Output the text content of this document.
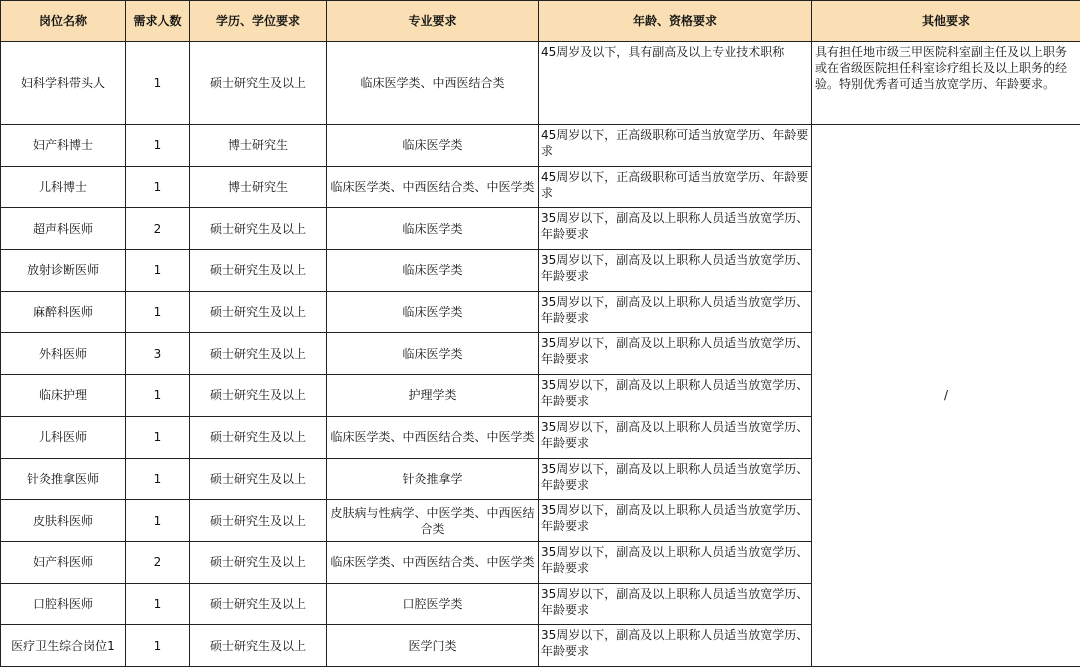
岗位名称	需求人数	学历、学位要求	专业要求	年龄、资格要求	其他要求
妇科学科带头人	1	硕士研究生及以上	临床医学类、中西医结合类	45周岁及以下，具有副高及以上专业技术职称	具有担任地市级三甲医院科室副主任及以上职务或在省级医院担任科室诊疗组长及以上职务的经验。特别优秀者可适当放宽学历、年龄要求。
妇产科博士	1	博士研究生	临床医学类	45周岁以下，正高级职称可适当放宽学历、年龄要求	/
儿科博士	1	博士研究生	临床医学类、中西医结合类、中医学类	45周岁以下，正高级职称可适当放宽学历、年龄要求	
超声科医师	2	硕士研究生及以上	临床医学类	35周岁以下，副高及以上职称人员适当放宽学历、年龄要求	
放射诊断医师	1	硕士研究生及以上	临床医学类	35周岁以下，副高及以上职称人员适当放宽学历、年龄要求	
麻醉科医师	1	硕士研究生及以上	临床医学类	35周岁以下，副高及以上职称人员适当放宽学历、年龄要求	
外科医师	3	硕士研究生及以上	临床医学类	35周岁以下，副高及以上职称人员适当放宽学历、年龄要求	
临床护理	1	硕士研究生及以上	护理学类	35周岁以下，副高及以上职称人员适当放宽学历、年龄要求	
儿科医师	1	硕士研究生及以上	临床医学类、中西医结合类、中医学类	35周岁以下，副高及以上职称人员适当放宽学历、年龄要求	
针灸推拿医师	1	硕士研究生及以上	针灸推拿学	35周岁以下，副高及以上职称人员适当放宽学历、年龄要求	
皮肤科医师	1	硕士研究生及以上	皮肤病与性病学、中医学类、中西医结合类	35周岁以下，副高及以上职称人员适当放宽学历、年龄要求	
妇产科医师	2	硕士研究生及以上	临床医学类、中西医结合类、中医学类	35周岁以下，副高及以上职称人员适当放宽学历、年龄要求	
口腔科医师	1	硕士研究生及以上	口腔医学类	35周岁以下，副高及以上职称人员适当放宽学历、年龄要求	
医疗卫生综合岗位1	1	硕士研究生及以上	医学门类	35周岁以下，副高及以上职称人员适当放宽学历、年龄要求	
